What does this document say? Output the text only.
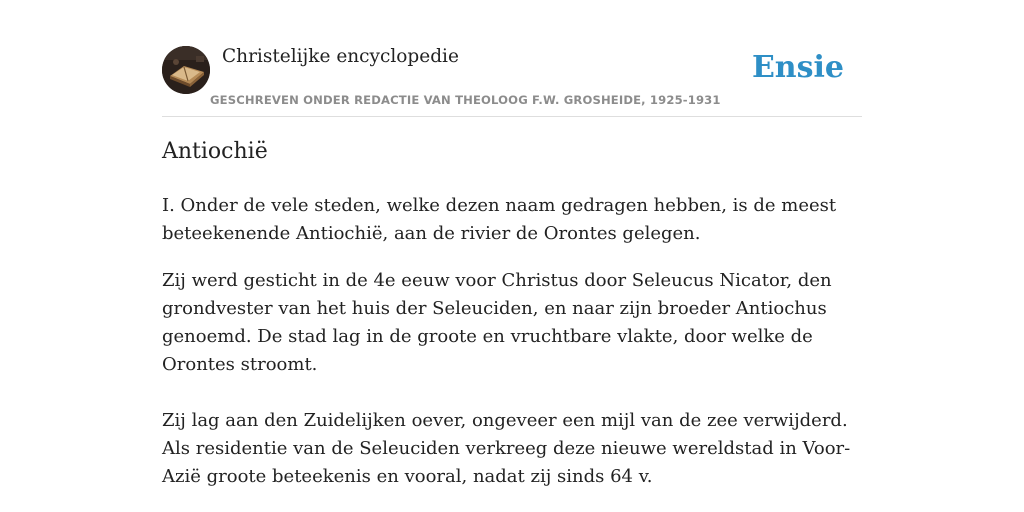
Christelijke encyclopedie
GESCHREVEN ONDER REDACTIE VAN THEOLOOG F.W. GROSHEIDE, 1925-1931
Ensie
Antiochië

I. Onder de vele steden, welke dezen naam gedragen hebben, is de meest beteekenende Antiochië, aan de rivier de Orontes gelegen.

Zij werd gesticht in de 4e eeuw voor Christus door Seleucus Nicator, den grondvester van het huis der Seleuciden, en naar zijn broeder Antiochus genoemd. De stad lag in de groote en vruchtbare vlakte, door welke de Orontes stroomt.

Zij lag aan den Zuidelijken oever, ongeveer een mijl van de zee verwijderd. Als residentie van de Seleuciden verkreeg deze nieuwe wereldstad in Voor-Azië groote beteekenis en vooral, nadat zij sinds 64 v.
